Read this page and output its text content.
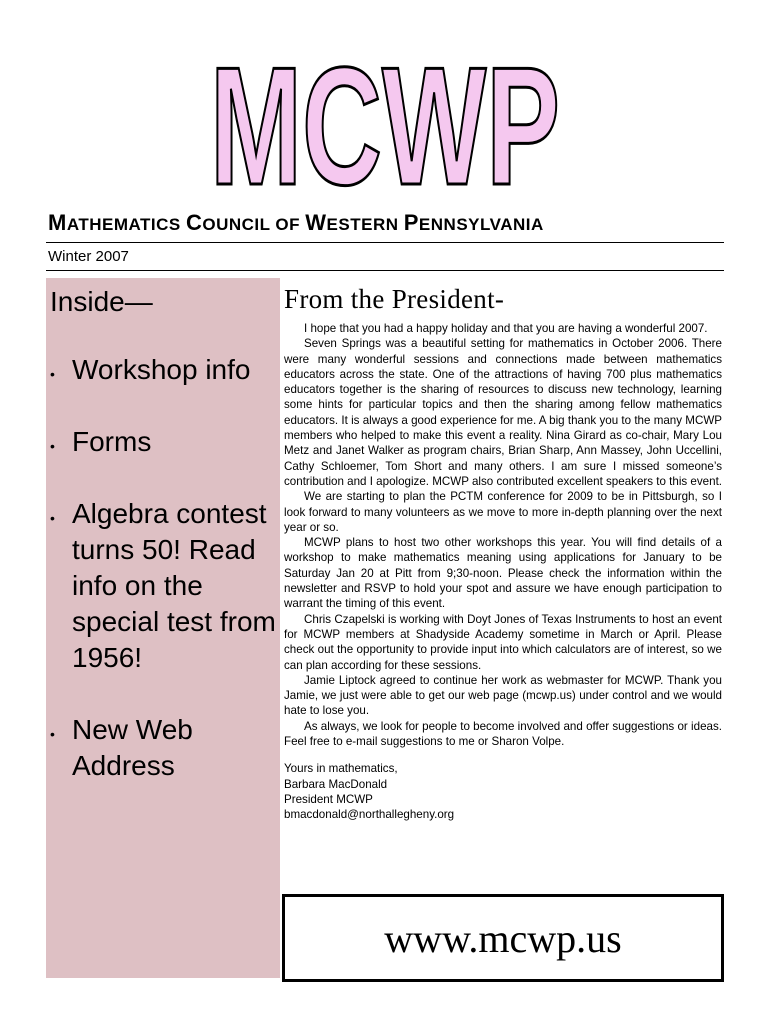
MCWP
MATHEMATICS COUNCIL OF WESTERN PENNSYLVANIA
Winter 2007
Inside—
• Workshop info
• Forms
• Algebra contest turns 50! Read info on the special test from 1956!
• New Web Address
From the President-

I hope that you had a happy holiday and that you are having a wonderful 2007.

Seven Springs was a beautiful setting for mathematics in October 2006. There were many wonderful sessions and connections made between mathematics educators across the state. One of the attractions of having 700 plus mathematics educators together is the sharing of resources to discuss new technology, learning some hints for particular topics and then the sharing among fellow mathematics educators. It is always a good experience for me. A big thank you to the many MCWP members who helped to make this event a reality. Nina Girard as co-chair, Mary Lou Metz and Janet Walker as program chairs, Brian Sharp, Ann Massey, John Uccellini, Cathy Schloemer, Tom Short and many others. I am sure I missed someone’s contribution and I apologize. MCWP also contributed excellent speakers to this event.

We are starting to plan the PCTM conference for 2009 to be in Pittsburgh, so I look forward to many volunteers as we move to more in-depth planning over the next year or so.

MCWP plans to host two other workshops this year. You will find details of a workshop to make mathematics meaning using applications for January to be Saturday Jan 20 at Pitt from 9;30-noon. Please check the information within the newsletter and RSVP to hold your spot and assure we have enough participation to warrant the timing of this event.

Chris Czapelski is working with Doyt Jones of Texas Instruments to host an event for MCWP members at Shadyside Academy sometime in March or April. Please check out the opportunity to provide input into which calculators are of interest, so we can plan according for these sessions.

Jamie Liptock agreed to continue her work as webmaster for MCWP. Thank you Jamie, we just were able to get our web page (mcwp.us) under control and we would hate to lose you.

As always, we look for people to become involved and offer suggestions or ideas. Feel free to e-mail suggestions to me or Sharon Volpe.

Yours in mathematics,
Barbara MacDonald
President MCWP
bmacdonald@northallegheny.org
www.mcwp.us
